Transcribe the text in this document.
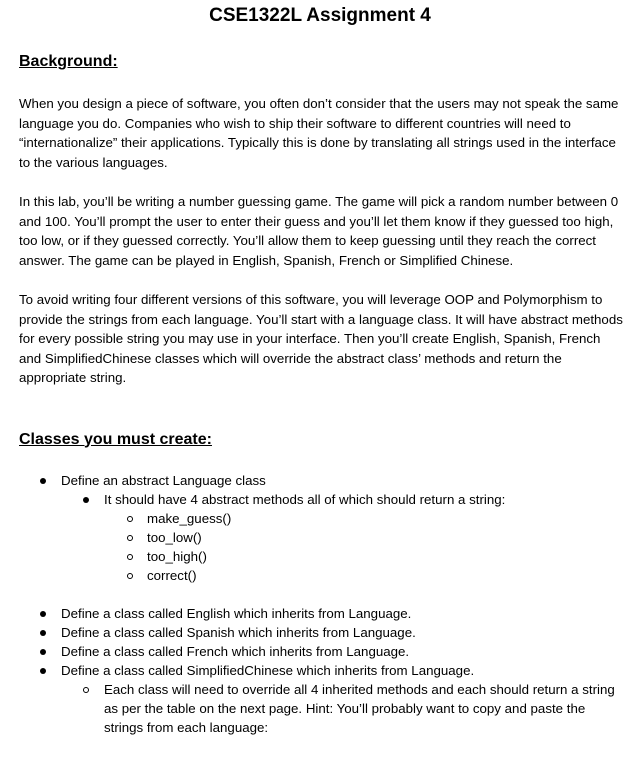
CSE1322L Assignment 4
Background:

When you design a piece of software, you often don’t consider that the users may not speak the same language you do. Companies who wish to ship their software to different countries will need to “internationalize” their applications. Typically this is done by translating all strings used in the interface to the various languages.

In this lab, you’ll be writing a number guessing game. The game will pick a random number between 0 and 100. You’ll prompt the user to enter their guess and you’ll let them know if they guessed too high, too low, or if they guessed correctly. You’ll allow them to keep guessing until they reach the correct answer. The game can be played in English, Spanish, French or Simplified Chinese.

To avoid writing four different versions of this software, you will leverage OOP and Polymorphism to provide the strings from each language. You’ll start with a language class. It will have abstract methods for every possible string you may use in your interface. Then you’ll create English, Spanish, French and SimplifiedChinese classes which will override the abstract class’ methods and return the appropriate string.

Classes you must create:
Define an abstract Language class
It should have 4 abstract methods all of which should return a string:
make_guess()
too_low()
too_high()
correct()
Define a class called English which inherits from Language.
Define a class called Spanish which inherits from Language.
Define a class called French which inherits from Language.
Define a class called SimplifiedChinese which inherits from Language.
Each class will need to override all 4 inherited methods and each should return a string as per the table on the next page. Hint: You’ll probably want to copy and paste the strings from each language:
